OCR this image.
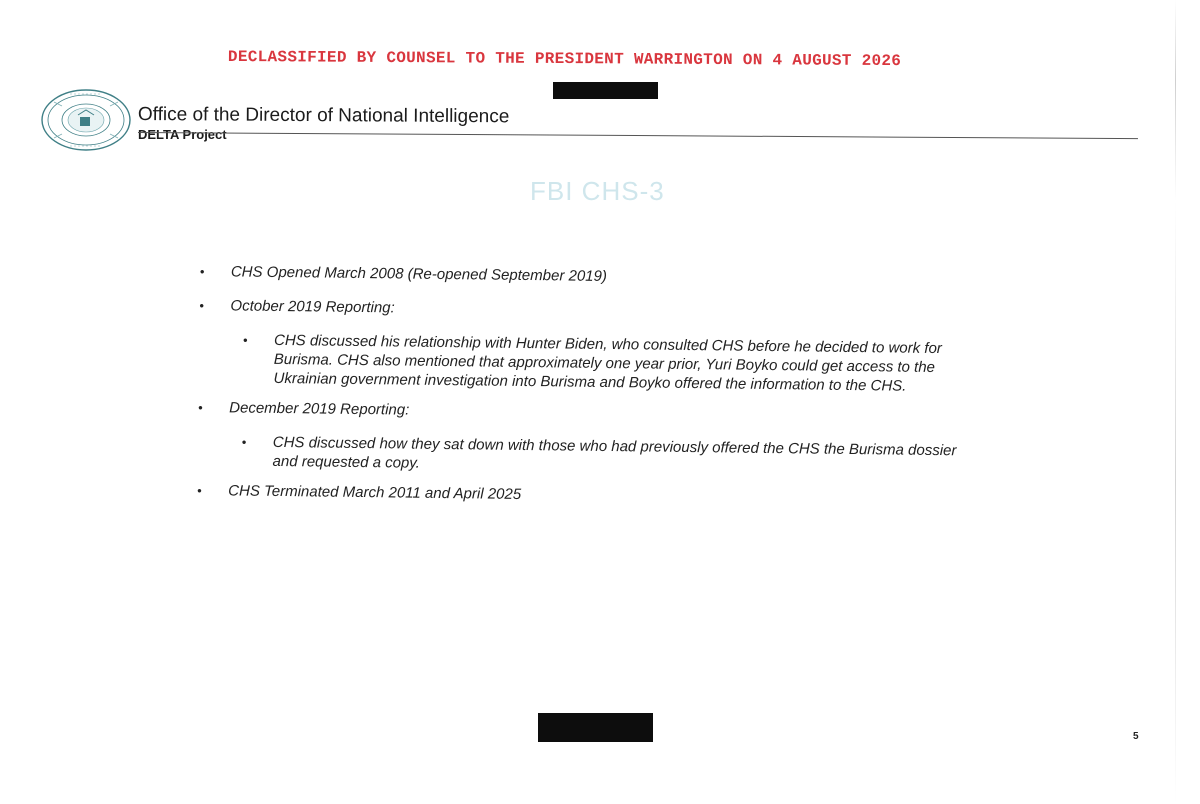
DECLASSIFIED BY COUNSEL TO THE PRESIDENT WARRINGTON ON 4 AUGUST 2026
Office of the Director of National Intelligence
DELTA Project
FBI CHS-3
• CHS Opened March 2008 (Re-opened September 2019)
• October 2019 Reporting:
• CHS discussed his relationship with Hunter Biden, who consulted CHS before he decided to work for Burisma. CHS also mentioned that approximately one year prior, Yuri Boyko could get access to the Ukrainian government investigation into Burisma and Boyko offered the information to the CHS.
• December 2019 Reporting:
• CHS discussed how they sat down with those who had previously offered the CHS the Burisma dossier and requested a copy.
• CHS Terminated March 2011 and April 2025
5
